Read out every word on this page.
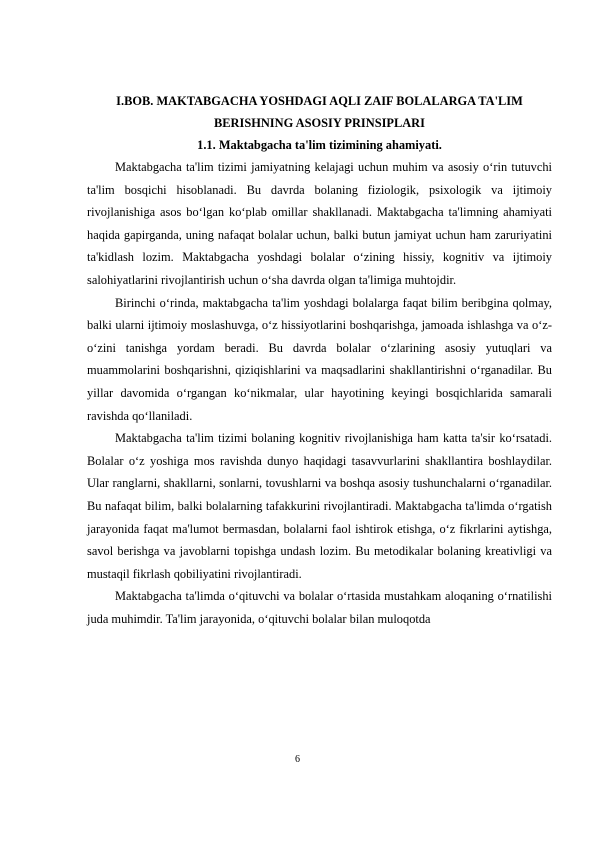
I.BOB. MAKTABGACHA YOSHDAGI AQLI ZAIF BOLALARGA TA'LIM BERISHNING ASOSIY PRINSIPLARI

1.1. Maktabgacha ta'lim tizimining ahamiyati.

Maktabgacha ta'lim tizimi jamiyatning kelajagi uchun muhim va asosiy o‘rin tutuvchi ta'lim bosqichi hisoblanadi. Bu davrda bolaning fiziologik, psixologik va ijtimoiy rivojlanishiga asos bo‘lgan ko‘plab omillar shakllanadi. Maktabgacha ta'limning ahamiyati haqida gapirganda, uning nafaqat bolalar uchun, balki butun jamiyat uchun ham zaruriyatini ta'kidlash lozim. Maktabgacha yoshdagi bolalar o‘zining hissiy, kognitiv va ijtimoiy salohiyatlarini rivojlantirish uchun o‘sha davrda olgan ta'limiga muhtojdir.

Birinchi o‘rinda, maktabgacha ta'lim yoshdagi bolalarga faqat bilim beribgina qolmay, balki ularni ijtimoiy moslashuvga, o‘z hissiyotlarini boshqarishga, jamoada ishlashga va o‘z-o‘zini tanishga yordam beradi. Bu davrda bolalar o‘zlarining asosiy yutuqlari va muammolarini boshqarishni, qiziqishlarini va maqsadlarini shakllantirishni o‘rganadilar. Bu yillar davomida o‘rgangan ko‘nikmalar, ular hayotining keyingi bosqichlarida samarali ravishda qo‘llaniladi.

Maktabgacha ta'lim tizimi bolaning kognitiv rivojlanishiga ham katta ta'sir ko‘rsatadi. Bolalar o‘z yoshiga mos ravishda dunyo haqidagi tasavvurlarini shakllantira boshlaydilar. Ular ranglarni, shakllarni, sonlarni, tovushlarni va boshqa asosiy tushunchalarni o‘rganadilar. Bu nafaqat bilim, balki bolalarning tafakkurini rivojlantiradi. Maktabgacha ta'limda o‘rgatish jarayonida faqat ma'lumot bermasdan, bolalarni faol ishtirok etishga, o‘z fikrlarini aytishga, savol berishga va javoblarni topishga undash lozim. Bu metodikalar bolaning kreativligi va mustaqil fikrlash qobiliyatini rivojlantiradi.

Maktabgacha ta'limda o‘qituvchi va bolalar o‘rtasida mustahkam aloqaning o‘rnatilishi juda muhimdir. Ta'lim jarayonida, o‘qituvchi bolalar bilan muloqotda

6
